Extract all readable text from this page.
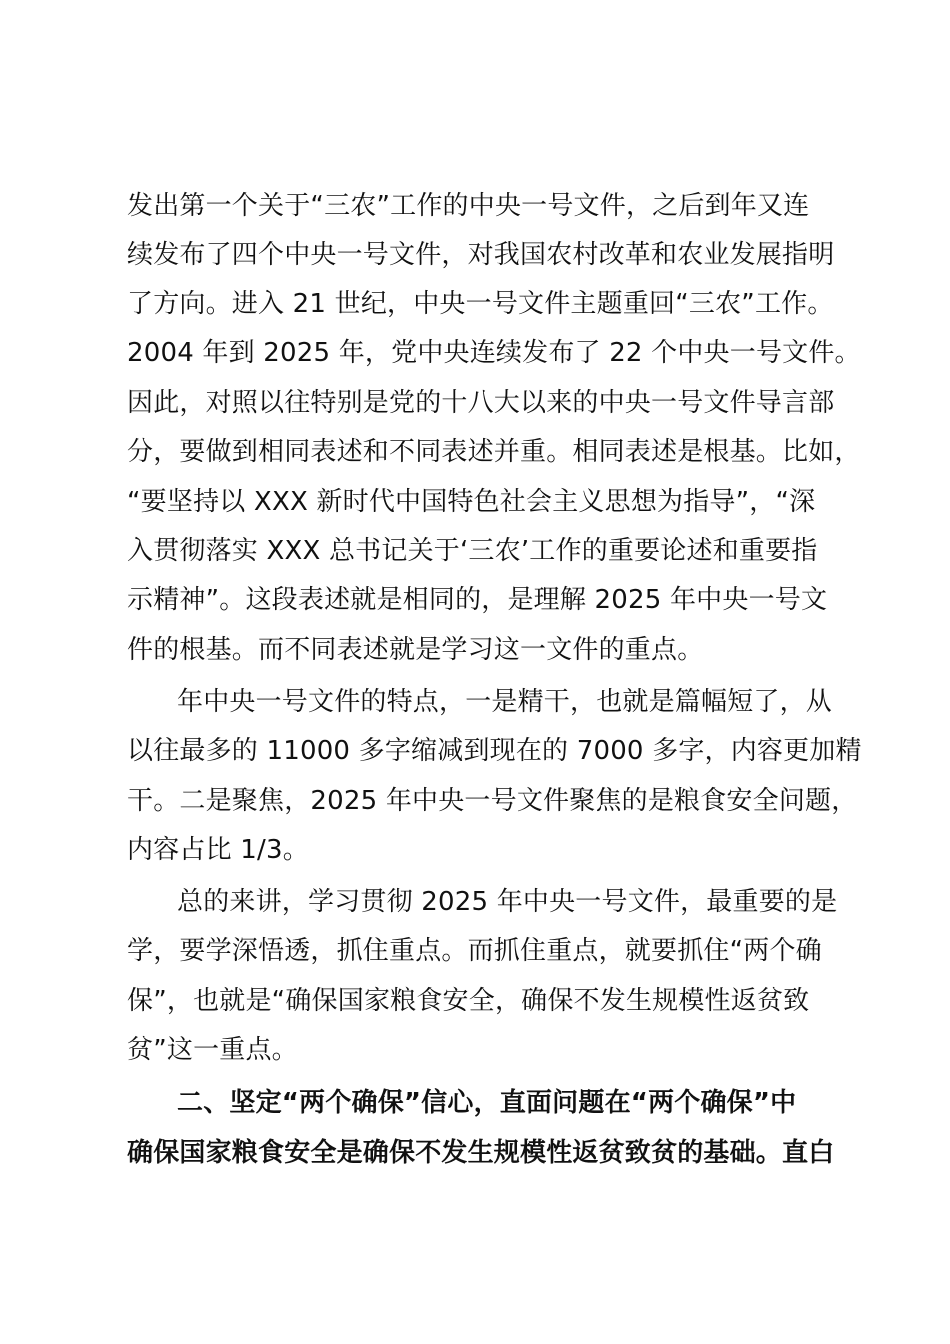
发出第一个关于“三农”工作的中央一号文件，之后到年又连
续发布了四个中央一号文件，对我国农村改革和农业发展指明
了方向。进入 21 世纪，中央一号文件主题重回“三农”工作。
2004 年到 2025 年，党中央连续发布了 22 个中央一号文件。
因此，对照以往特别是党的十八大以来的中央一号文件导言部
分，要做到相同表述和不同表述并重。相同表述是根基。比如，
“要坚持以 XXX 新时代中国特色社会主义思想为指导”，“深
入贯彻落实 XXX 总书记关于‘三农’工作的重要论述和重要指
示精神”。这段表述就是相同的，是理解 2025 年中央一号文
件的根基。而不同表述就是学习这一文件的重点。
年中央一号文件的特点，一是精干，也就是篇幅短了，从
以往最多的 11000 多字缩减到现在的 7000 多字，内容更加精
干。二是聚焦，2025 年中央一号文件聚焦的是粮食安全问题，
内容占比 1/3。
总的来讲，学习贯彻 2025 年中央一号文件，最重要的是
学，要学深悟透，抓住重点。而抓住重点，就要抓住“两个确
保”，也就是“确保国家粮食安全，确保不发生规模性返贫致
贫”这一重点。
二、坚定“两个确保”信心，直面问题在“两个确保”中
确保国家粮食安全是确保不发生规模性返贫致贫的基础。直白
